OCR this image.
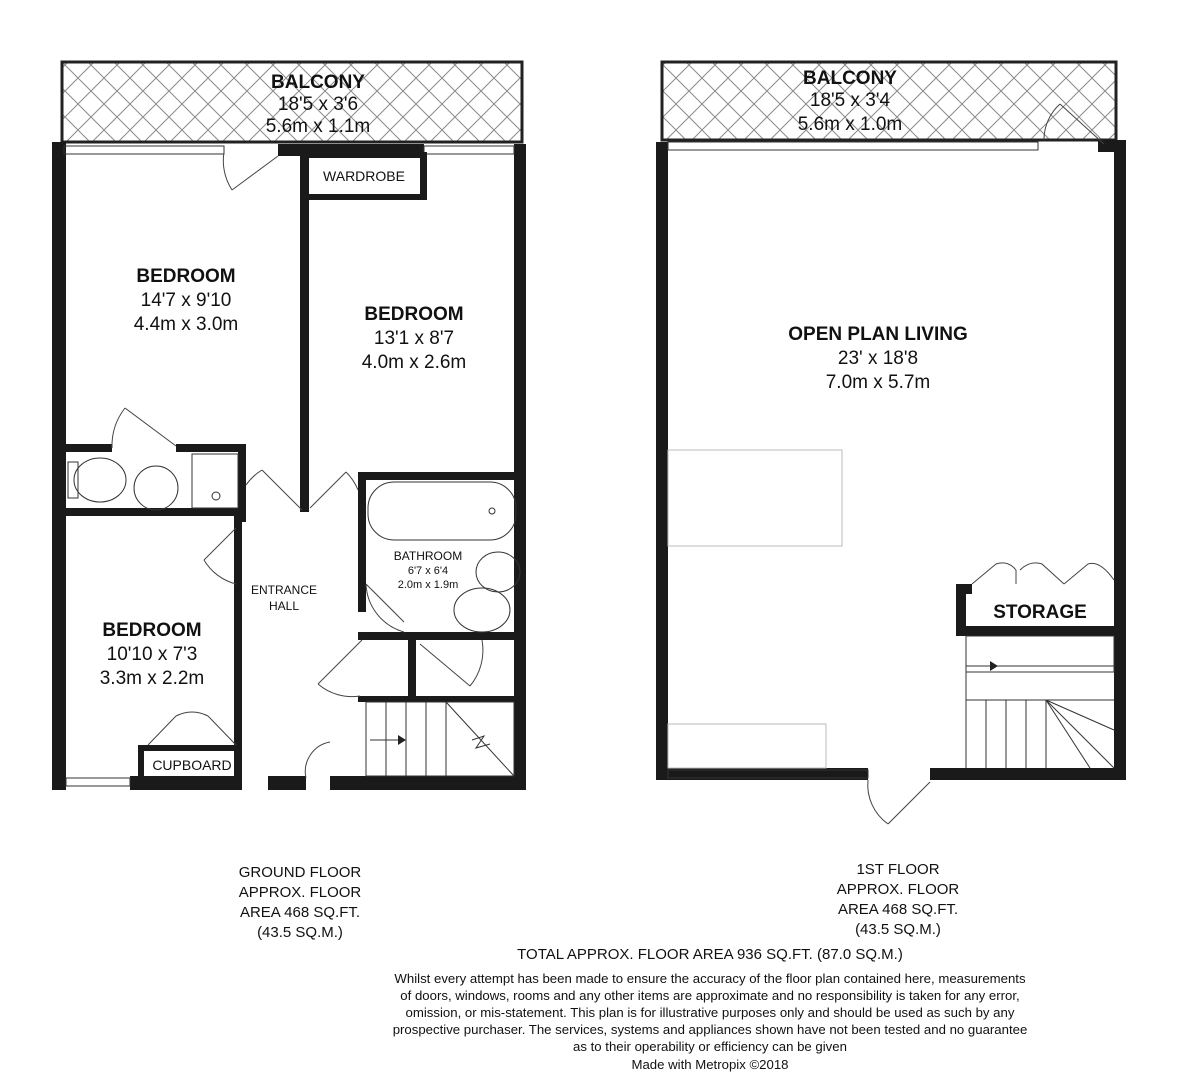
BALCONY
18'5 x 3'6
5.6m x 1.1m
WARDROBE
BEDROOM
14'7 x 9'10
4.4m x 3.0m	BEDROOM
13'1 x 8'7
4.0m x 2.6m
BATHROOM
6'7 x 6'4
2.0m x 1.9m
ENTRANCE
HALL
BEDROOM
10'10 x 7'3
3.3m x 2.2m
CUPBOARD
BALCONY
18'5 x 3'4
5.6m x 1.0m
OPEN PLAN LIVING
23' x 18'8
7.0m x 5.7m
STORAGE
GROUND FLOOR
APPROX. FLOOR
AREA 468 SQ.FT.
(43.5 SQ.M.)
1ST FLOOR
APPROX. FLOOR
AREA 468 SQ.FT.
(43.5 SQ.M.)
TOTAL APPROX. FLOOR AREA 936 SQ.FT. (87.0 SQ.M.)
Whilst every attempt has been made to ensure the accuracy of the floor plan contained here, measurements
of doors, windows, rooms and any other items are approximate and no responsibility is taken for any error,
omission, or mis-statement. This plan is for illustrative purposes only and should be used as such by any
prospective purchaser. The services, systems and appliances shown have not been tested and no guarantee
as to their operability or efficiency can be given
Made with Metropix ©2018
